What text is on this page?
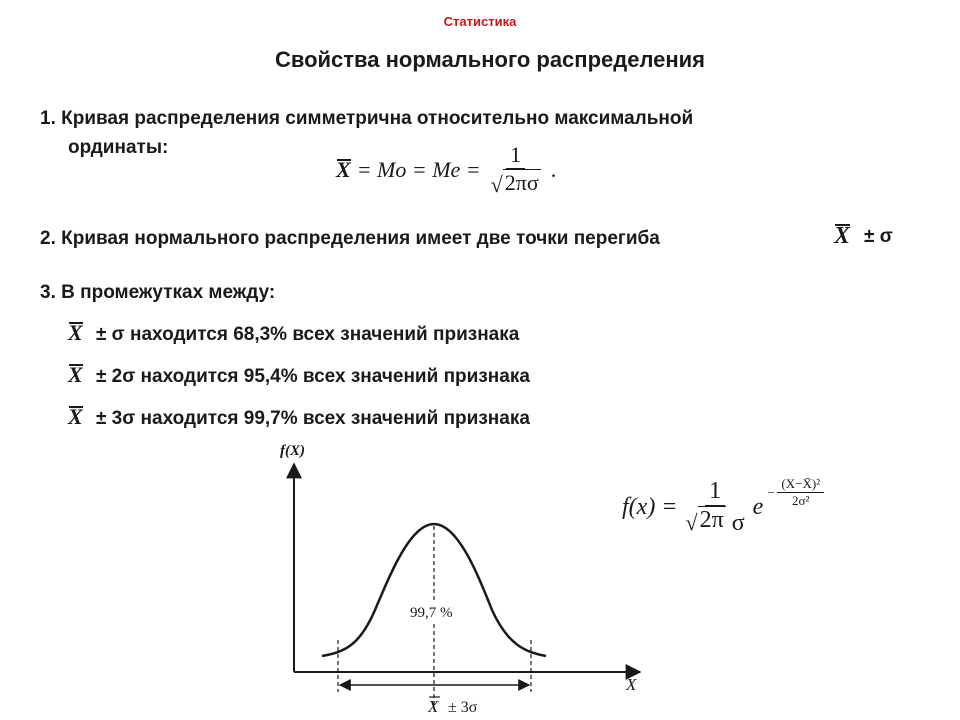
Статистика
Свойства нормального распределения
1. Кривая распределения симметрична относительно максимальной
ординаты:
$X = Mo = Me = \frac{1}{√ 2\pi\sigma}$ .
2. Кривая нормального распределения имеет две точки перегиба	X ± σ
3. В промежутках между:
X ± σ находится 68,3% всех значений признака
X ± 2σ находится 95,4% всех значений признака
X ± 3σ находится 99,7% всех значений признака
$f(x) = \frac{1}{\text{√ 2π σ}}$ e
− $\frac{\text{(X−X̄)²}}{\text{2σ²}}$
f(X)
X
99,7 %
X ± 3σ
